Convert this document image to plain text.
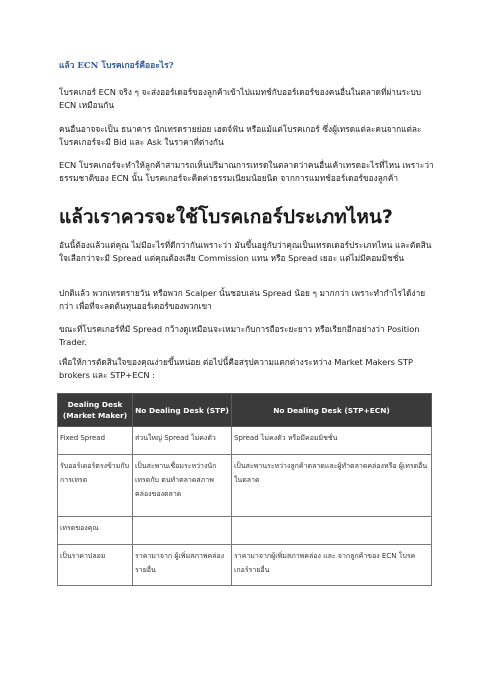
แล้ว ECN โบรคเกอร์คืออะไร?
โบรคเกอร์ ECN จริง ๆ จะส่งออร์เดอร์ของลูกค้าเข้าไปแมทช์กับออร์เดอร์ของคนอื่นในตลาดที่ผ่านระบบ ECN เหมือนกัน
คนอื่นอาจจะเป็น ธนาคาร นักเทรดรายย่อย เฮดจ์ฟัน หรือแม้แต่โบรคเกอร์ ซึ่งผู้เทรดแต่ละคนจากแต่ละโบรคเกอร์จะมี Bid และ Ask ในราคาที่ต่างกัน
ECN โบรคเกอร์จะทำให้ลูกค้าสามารถเห็นปริมาณการเทรดในตลาดว่าคนอื่นเค้าเทรดอะไรที่ไหน เพราะว่า ธรรมชาติของ ECN นั้น โบรคเกอร์จะคิดค่าธรรมเนียมน้อยนิด จากการแมทช์ออร์เดอร์ของลูกค้า
แล้วเราควรจะใช้โบรคเกอร์ประเภทไหน?
อันนี้ต้องแล้วแต่คุณ ไม่มีอะไรที่ดีกว่ากันเพราะว่า มันขึ้นอยู่กับว่าคุณเป็นเทรดเดอร์ประเภทไหน และตัดสินใจเลือกว่าจะมี Spread แต่คุณต้องเสีย Commission แทน หรือ Spread เยอะ แต่ไม่มีคอมมิชชั่น
ปกติแล้ว พวกเทรดรายวัน หรือพวก Scalper นั้นชอบเล่น Spread น้อย ๆ มากกว่า เพราะทำกำไรได้ง่ายกว่า เพื่อที่จะลดต้นทุนออร์เดอร์ของพวกเขา
ขณะที่โบรคเกอร์ที่มี Spread กว้างดูเหมือนจะเหมาะกับการถือระยะยาว หรือเรียกอีกอย่างว่า Position Trader.
เพื่อให้การตัดสินใจของคุณง่ายขึ้นหน่อย ต่อไปนี้คือสรุปความแตกต่างระหว่าง Market Makers STP brokers และ STP+ECN :
Dealing Desk (Market Maker)	No Dealing Desk (STP)	No Dealing Desk (STP+ECN)
Fixed Spread	ส่วนใหญ่ Spread ไม่คงตัว	Spread ไม่คงตัว หรือมีคอมมิชชั่น
รับออร์เดอร์ตรงข้ามกับการเทรด	เป็นสะพานเชื่อมระหว่างนักเทรดกับ ตนทำตลาดสภาพคล่องของตลาด	เป็นสะพานระหว่างลูกค้าตลาดและผู้ทำตลาดคล่องหรือ ผู้เทรดอื่น ในตลาด
เทรดของคุณ		
เป็นราคาปลอม	ราคามาจาก ผู้เพิ่มสภาพคล่องรายอื่น	ราคามาจากผู้เพิ่มสภาพคล่อง และ จากลูกค้าของ ECN โบรคเกอร์รายอื่น
